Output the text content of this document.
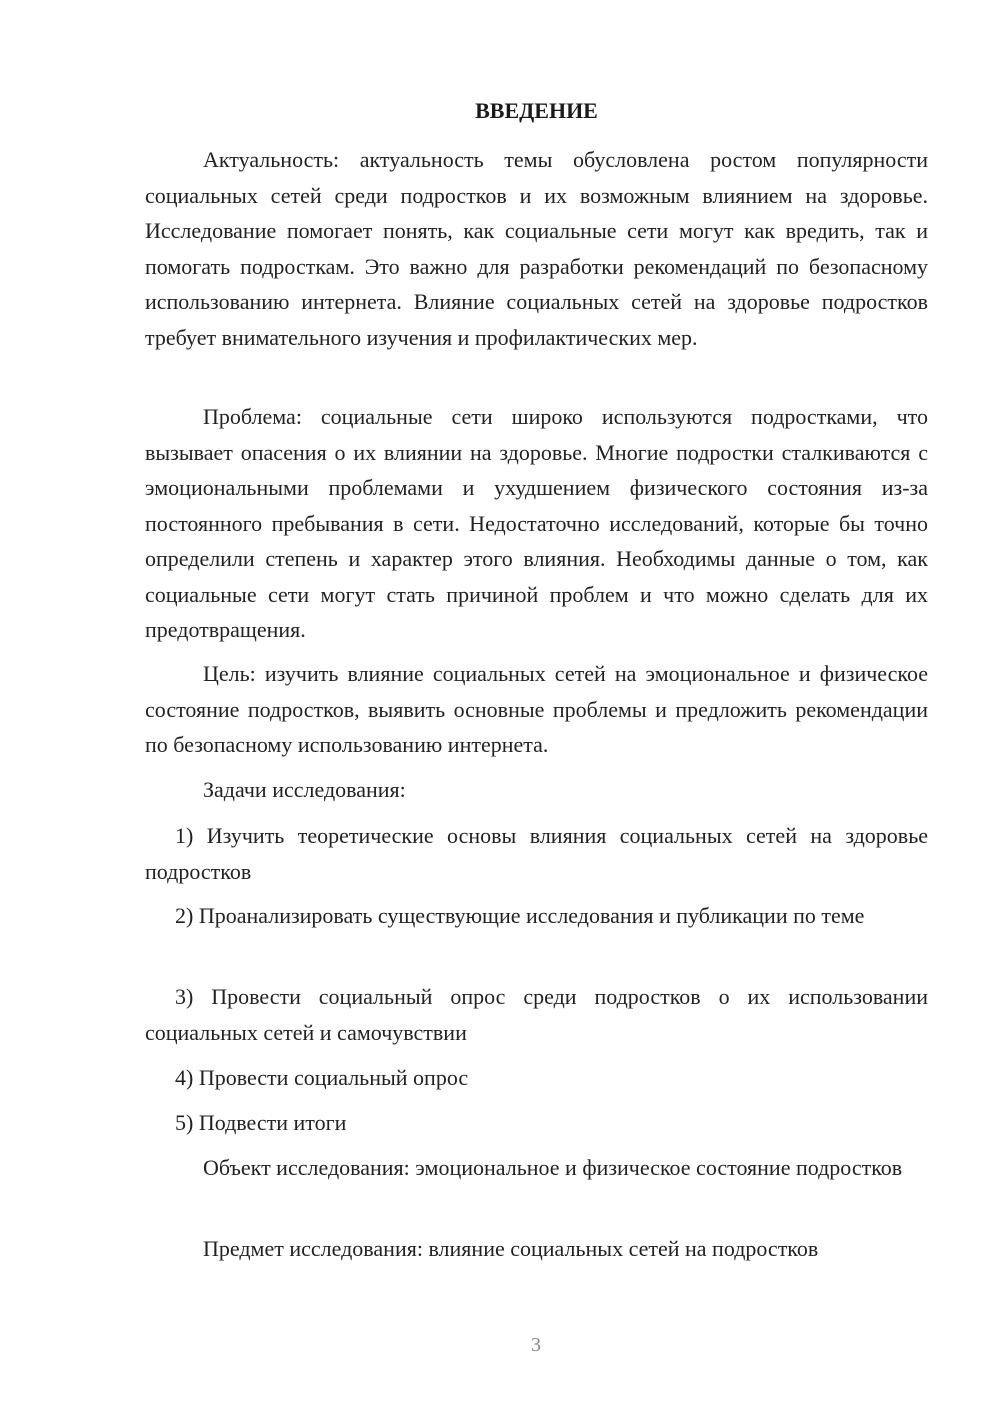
ВВЕДЕНИЕ

Актуальность: актуальность темы обусловлена ростом популярности социальных сетей среди подростков и их возможным влиянием на здоровье. Исследование помогает понять, как социальные сети могут как вредить, так и помогать подросткам. Это важно для разработки рекомендаций по безопасному использованию интернета. Влияние социальных сетей на здоровье подростков требует внимательного изучения и профилактических мер.

Проблема: социальные сети широко используются подростками, что вызывает опасения о их влиянии на здоровье. Многие подростки сталкиваются с эмоциональными проблемами и ухудшением физического состояния из-за постоянного пребывания в сети. Недостаточно исследований, которые бы точно определили степень и характер этого влияния. Необходимы данные о том, как социальные сети могут стать причиной проблем и что можно сделать для их предотвращения.

Цель: изучить влияние социальных сетей на эмоциональное и физическое состояние подростков, выявить основные проблемы и предложить рекомендации по безопасному использованию интернета.

Задачи исследования:

1) Изучить теоретические основы влияния социальных сетей на здоровье подростков

2) Проанализировать существующие исследования и публикации по теме

3) Провести социальный опрос среди подростков о их использовании социальных сетей и самочувствии

4) Провести социальный опрос

5) Подвести итоги

Объект исследования: эмоциональное и физическое состояние подростков

Предмет исследования: влияние социальных сетей на подростков

3
